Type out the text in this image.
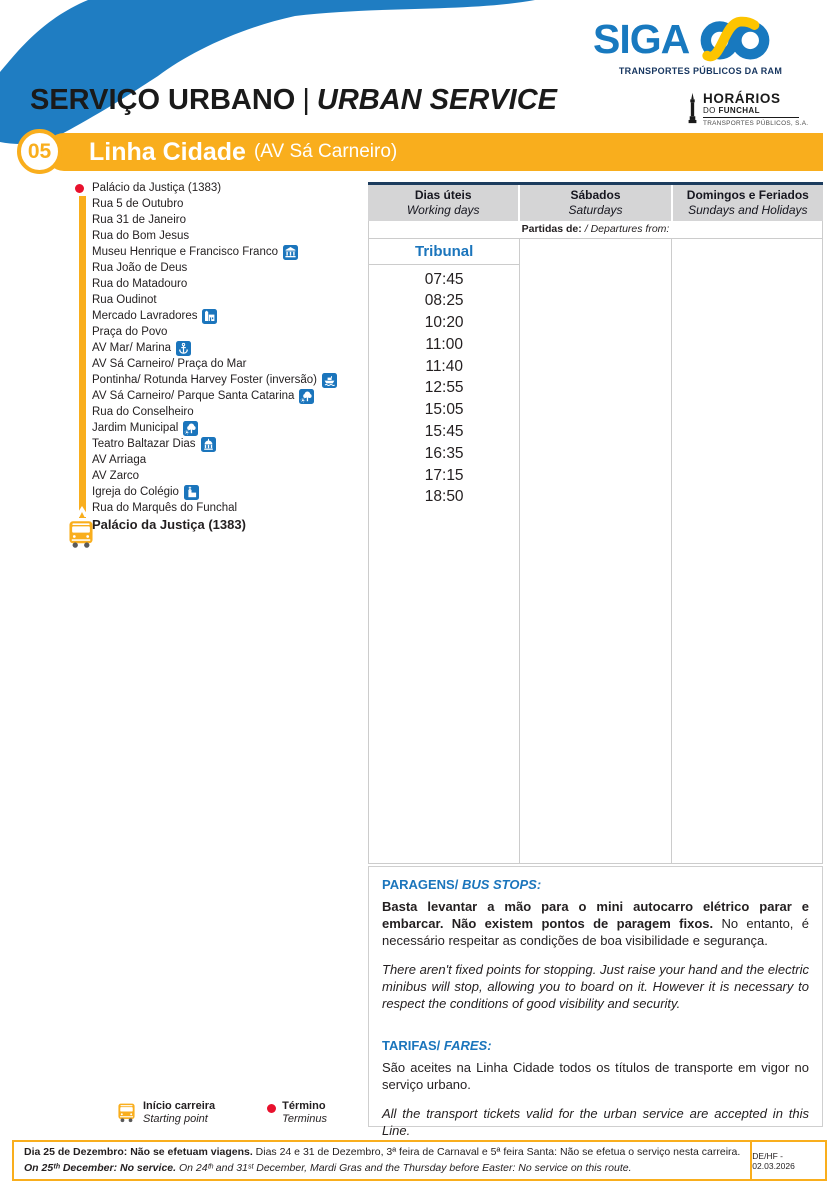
SIGA
TRANSPORTES PÚBLICOS DA RAM
SERVIÇO URBANO | URBAN SERVICE	HORÁRIOS
DO FUNCHAL
TRANSPORTES PÚBLICOS, S.A.
Linha Cidade (AV Sá Carneiro)
05
Palácio da Justiça (1383)
Rua 5 de Outubro
Rua 31 de Janeiro
Rua do Bom Jesus
Museu Henrique e Francisco Franco
Rua João de Deus
Rua do Matadouro
Rua Oudinot
Mercado Lavradores
Praça do Povo
AV Mar/ Marina
AV Sá Carneiro/ Praça do Mar
Pontinha/ Rotunda Harvey Foster (inversão)
AV Sá Carneiro/ Parque Santa Catarina
Rua do Conselheiro
Jardim Municipal
Teatro Baltazar Dias
AV Arriaga
AV Zarco
Igreja do Colégio
Rua do Marquês do Funchal
Palácio da Justiça (1383)
Dias úteis
Working days
Sábados
Saturdays
Domingos e Feriados
Sundays and Holidays
Partidas de: / Departures from:
Tribunal
07:45
08:25
10:20
11:00
11:40
12:55
15:05
15:45
16:35
17:15
18:50
PARAGENS/ BUS STOPS:

Basta levantar a mão para o mini autocarro elétrico parar e embarcar. Não existem pontos de paragem fixos. No entanto, é necessário respeitar as condições de boa visibilidade e segurança.

There aren't fixed points for stopping. Just raise your hand and the electric minibus will stop, allowing you to board on it. However it is necessary to respect the conditions of good visibility and security.

TARIFAS/ FARES:

São aceites na Linha Cidade todos os títulos de transporte em vigor no serviço urbano.

All the transport tickets valid for the urban service are accepted in this Line.

Início carreira
Starting point
Término
Terminus
Dia 25 de Dezembro: Não se efetuam viagens. Dias 24 e 31 de Dezembro, 3ª feira de Carnaval e 5ª feira Santa: Não se efetua o serviço nesta carreira.
On 25ᵗʰ December: No service. On 24ᵗʰ and 31ˢᵗ December, Mardi Gras and the Thursday before Easter: No service on this route.
DE/HF - 02.03.2026
